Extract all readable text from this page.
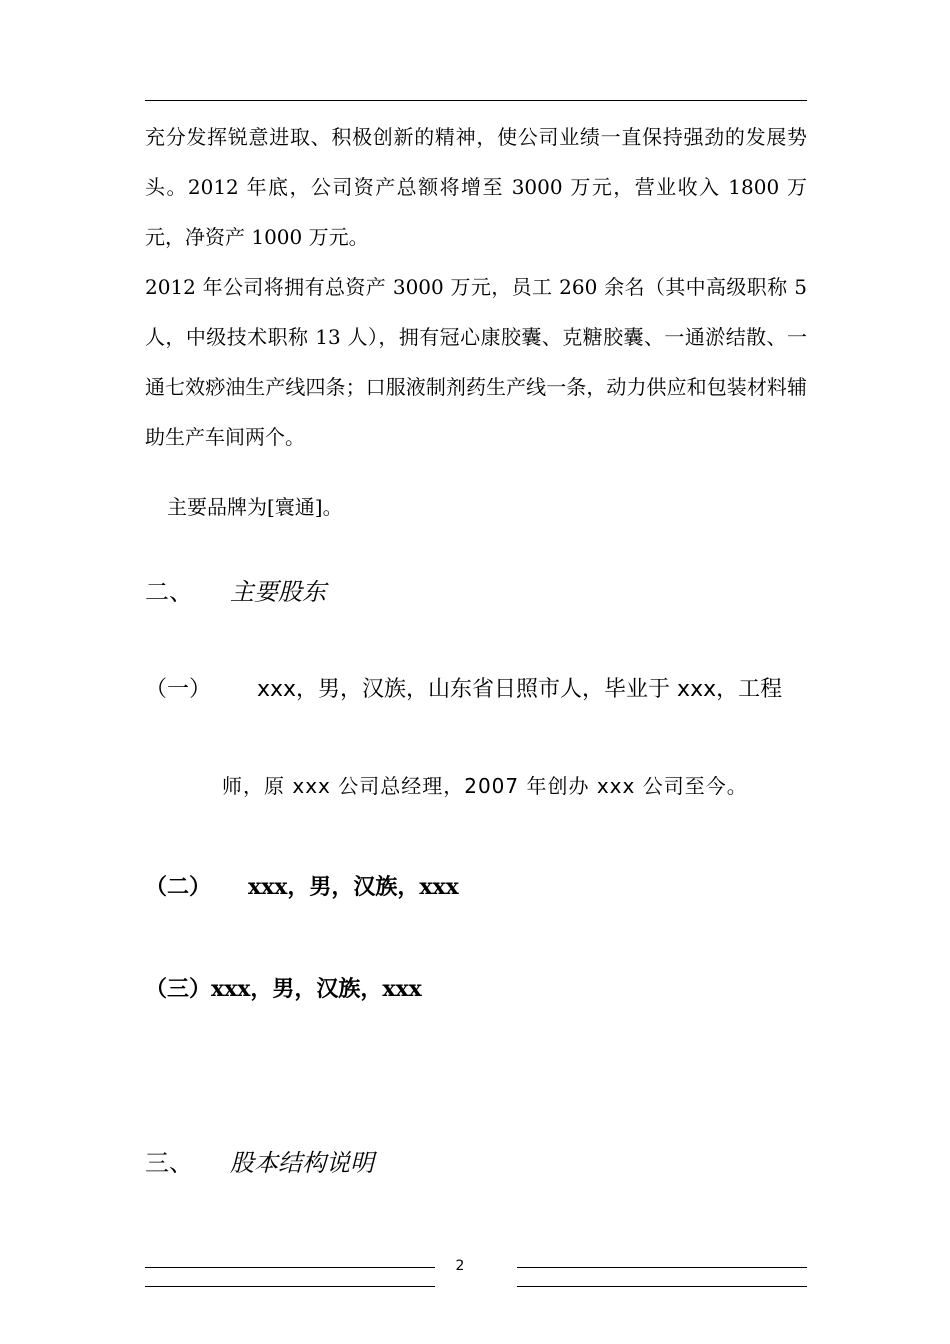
充分发挥锐意进取、积极创新的精神，使公司业绩一直保持强劲的发展势头。2012 年底，公司资产总额将增至 3000 万元，营业收入 1800 万元，净资产 1000 万元。
2012 年公司将拥有总资产 3000 万元，员工 260 余名（其中高级职称 5 人，中级技术职称 13 人），拥有冠心康胶囊、克糖胶囊、一通淤结散、一通七效痧油生产线四条；口服液制剂药生产线一条，动力供应和包装材料辅助生产车间两个。
主要品牌为[寰通]。
二、 主要股东
（一） xxx，男，汉族，山东省日照市人，毕业于 xxx，工程
师，原 xxx 公司总经理，2007 年创办 xxx 公司至今。
（二） xxx，男，汉族，xxx
（三）xxx，男，汉族，xxx
三、 股本结构说明
2
